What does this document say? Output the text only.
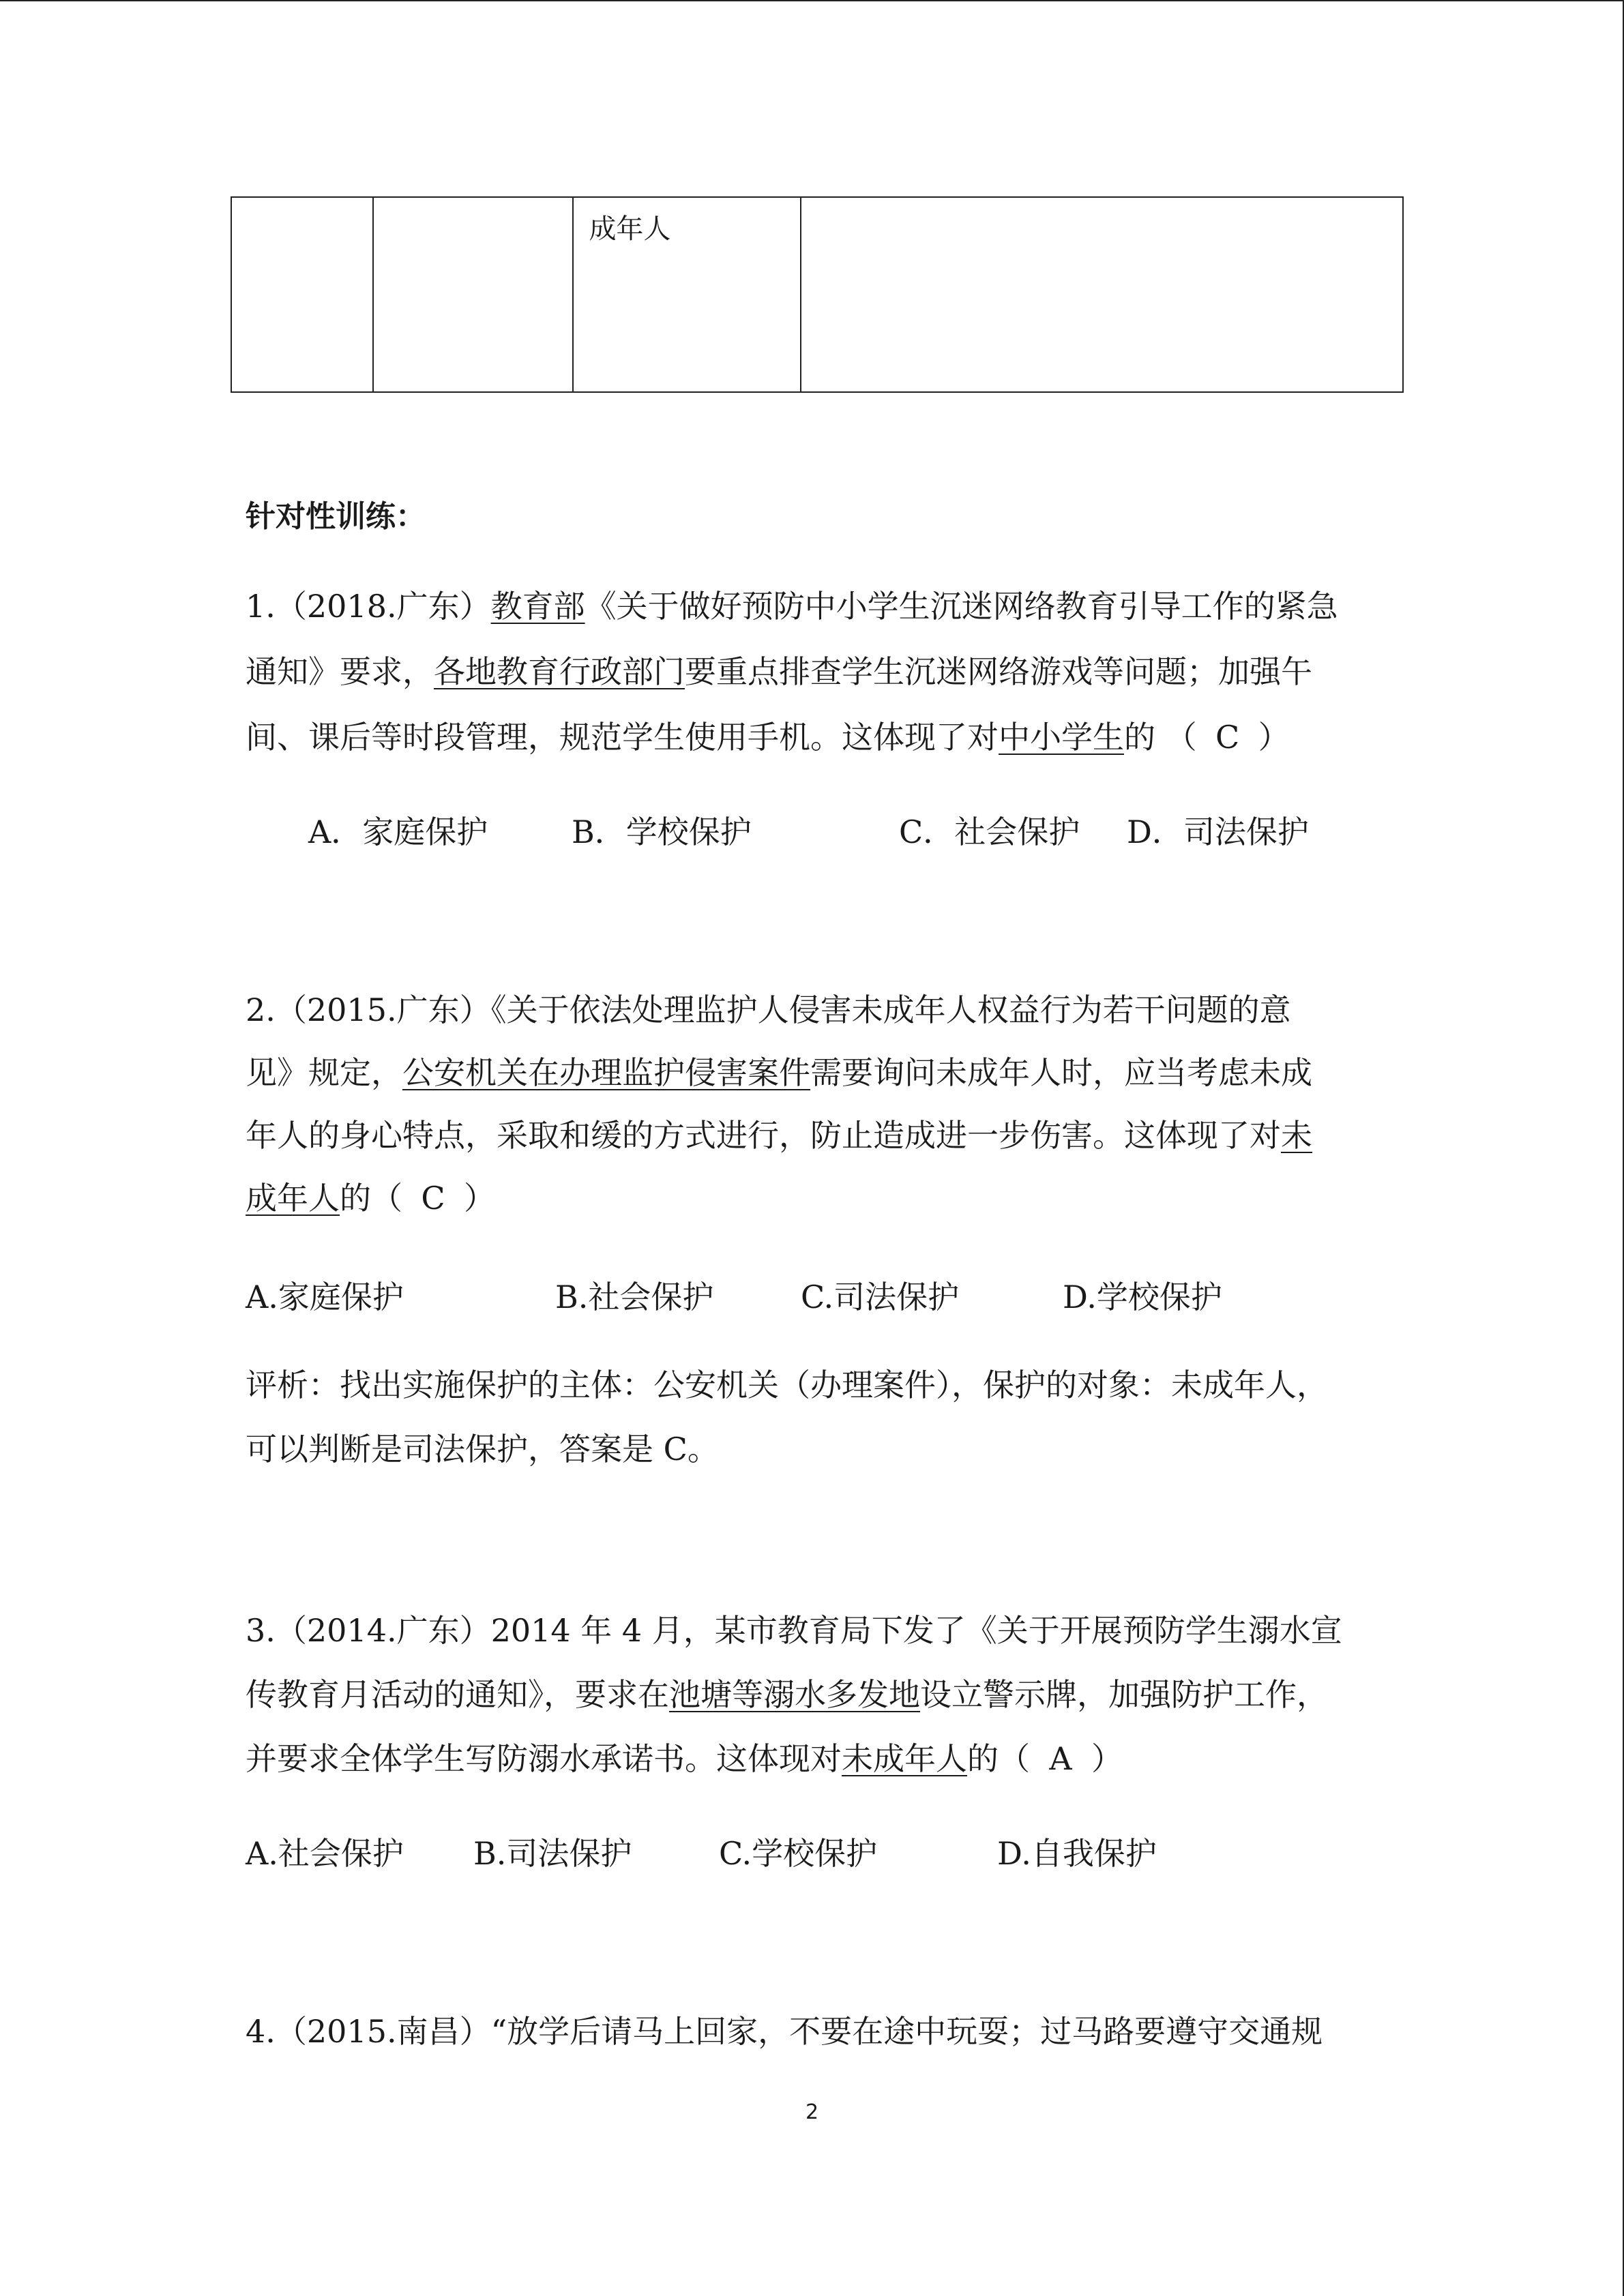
		成年人	
针对性训练：
1.（2018.广东）教育部《关于做好预防中小学生沉迷网络教育引导工作的紧急
通知》要求，各地教育行政部门要重点排查学生沉迷网络游戏等问题；加强午
间、课后等时段管理，规范学生使用手机。这体现了对中小学生的 （ C ）
A．家庭保护	B．学校保护	C．社会保护 D．司法保护
2.（2015.广东）《关于依法处理监护人侵害未成年人权益行为若干问题的意
见》规定，公安机关在办理监护侵害案件需要询问未成年人时，应当考虑未成
年人的身心特点，采取和缓的方式进行，防止造成进一步伤害。这体现了对未
成年人的（ C ）
A.家庭保护	B.社会保护	C.司法保护	D.学校保护
评析：找出实施保护的主体：公安机关（办理案件），保护的对象：未成年人，
可以判断是司法保护，答案是 C。
3.（2014.广东）2014 年 4 月，某市教育局下发了《关于开展预防学生溺水宣
传教育月活动的通知》，要求在池塘等溺水多发地设立警示牌，加强防护工作，
并要求全体学生写防溺水承诺书。这体现对未成年人的（ A ）
A.社会保护 B.司法保护	C.学校保护	D.自我保护
4.（2015.南昌）“放学后请马上回家，不要在途中玩耍；过马路要遵守交通规
2
